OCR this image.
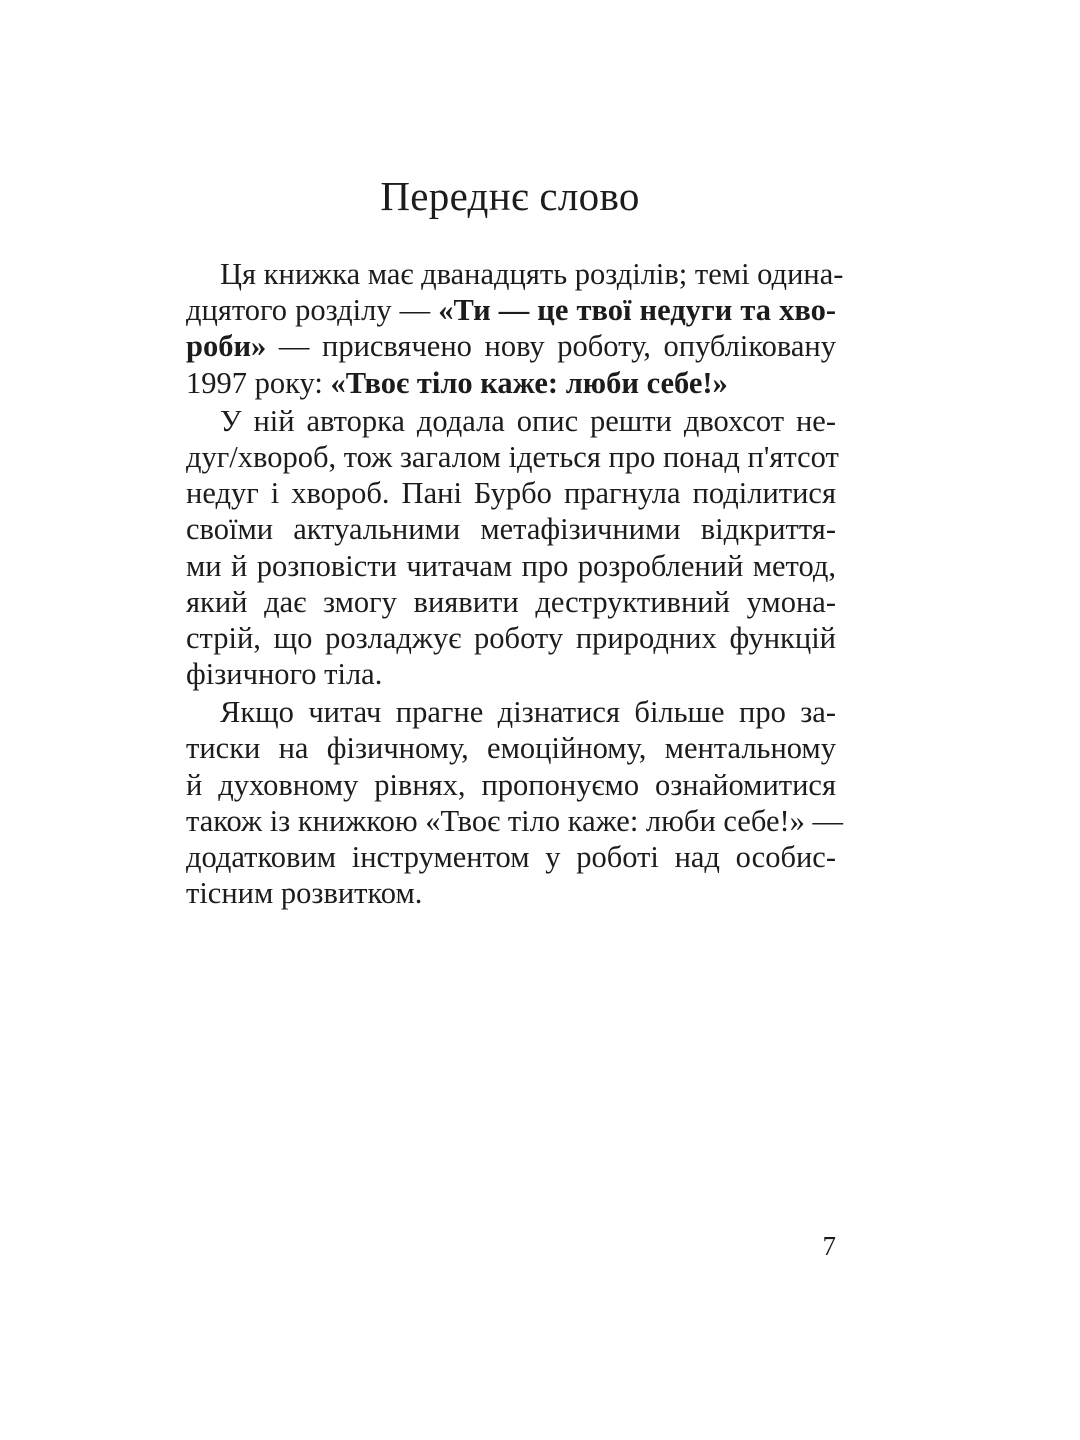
Переднє слово
Ця книжка має дванадцять розділів; темі одина-
дцятого розділу — «Ти — це твої недуги та хво-
роби» — присвячено нову роботу, опубліковану
1997 року: «Твоє тіло каже: люби себе!»
У ній авторка додала опис решти двохсот не-
дуг/хвороб, тож загалом ідеться про понад п'ятсот
недуг і хвороб. Пані Бурбо прагнула поділитися
своїми актуальними метафізичними відкриття-
ми й розповісти читачам про розроблений метод,
який дає змогу виявити деструктивний умона-
стрій, що розладжує роботу природних функцій
фізичного тіла.
Якщо читач прагне дізнатися більше про за-
тиски на фізичному, емоційному, ментальному
й духовному рівнях, пропонуємо ознайомитися
також із книжкою «Твоє тіло каже: люби себе!» —
додатковим інструментом у роботі над особис-
тісним розвитком.
7
